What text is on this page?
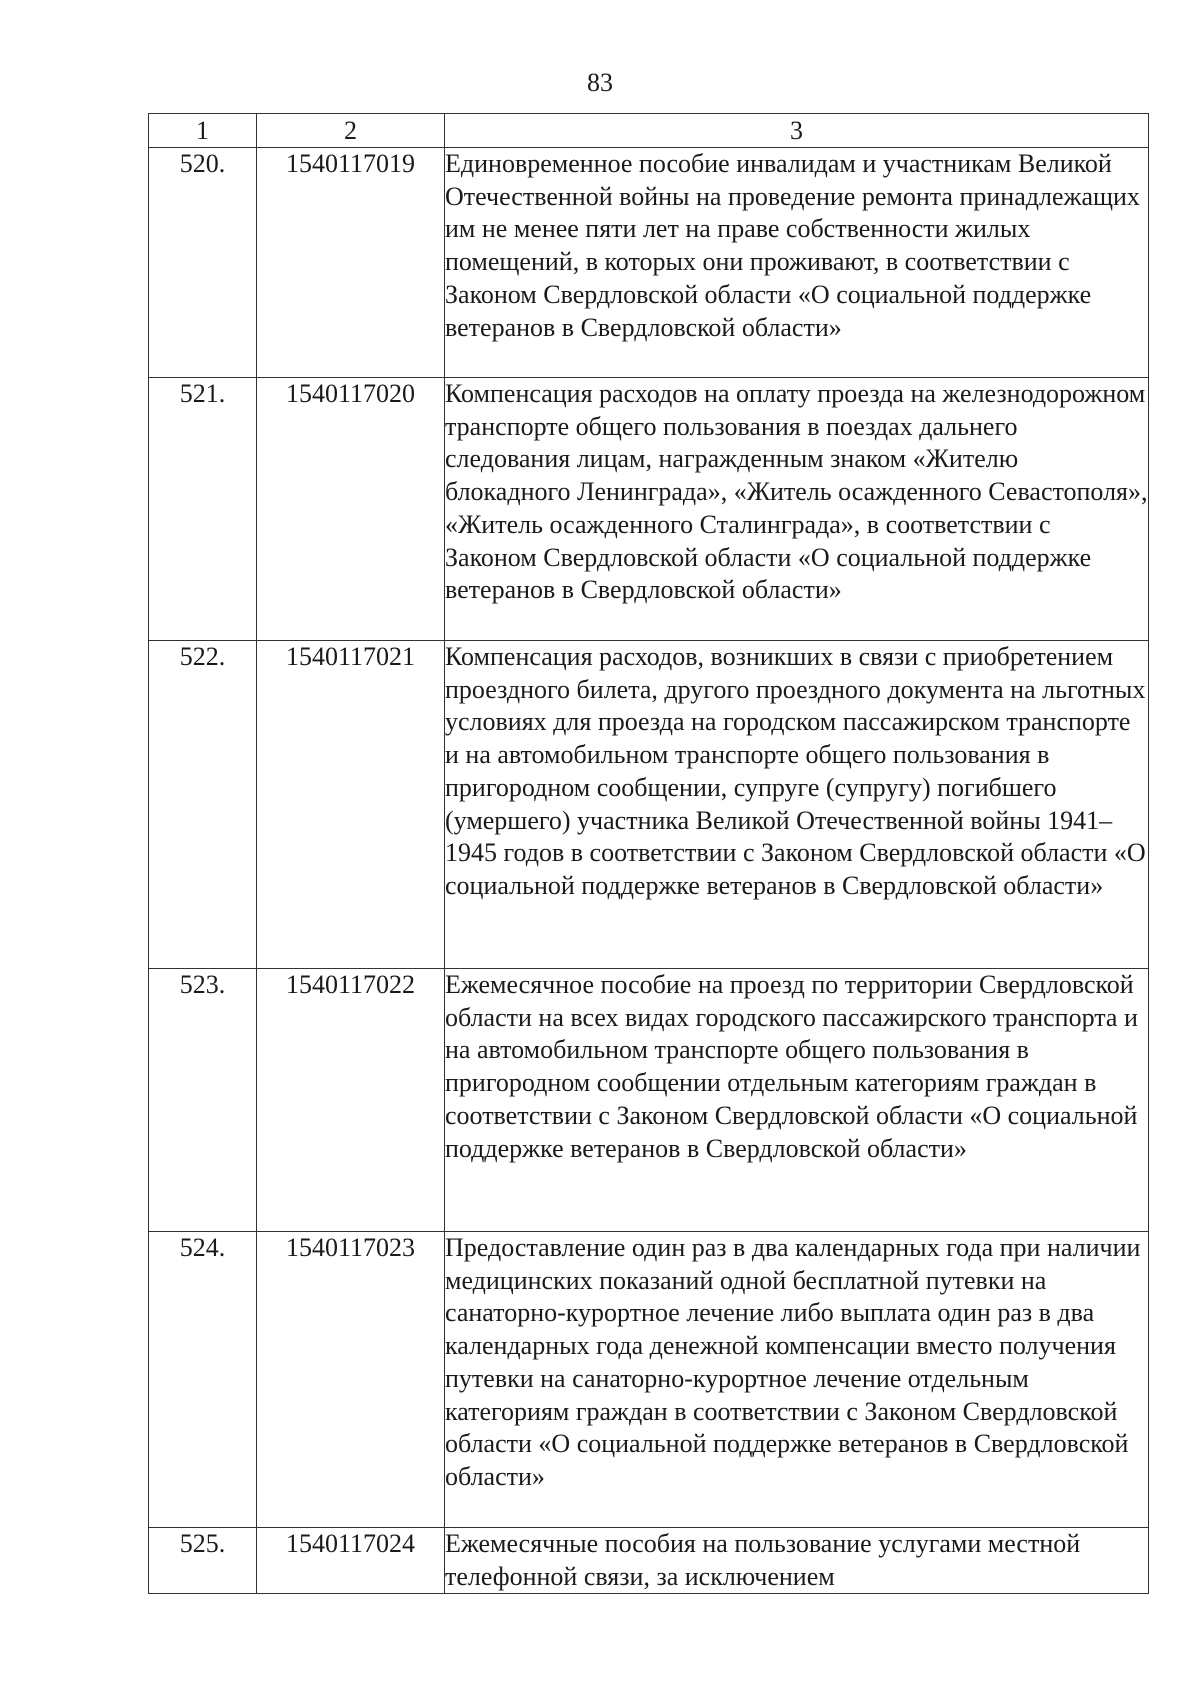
83
1	2	3
520.	1540117019	Единовременное пособие инвалидам и участникам Великой Отечественной войны на проведение ремонта принадлежащих им не менее пяти лет на праве собственности жилых помещений, в которых они проживают, в соответствии с Законом Свердловской области «О социальной поддержке ветеранов в Свердловской области»
521.	1540117020	Компенсация расходов на оплату проезда на железнодорожном транспорте общего пользования в поездах дальнего следования лицам, награжденным знаком «Жителю блокадного Ленинграда», «Житель осажденного Севастополя», «Житель осажденного Сталинграда», в соответствии с Законом Свердловской области «О социальной поддержке ветеранов в Свердловской области»
522.	1540117021	Компенсация расходов, возникших в связи с приобретением проездного билета, другого проездного документа на льготных условиях для проезда на городском пассажирском транспорте и на автомобильном транспорте общего пользования в пригородном сообщении, супруге (супругу) погибшего (умершего) участника Великой Отечественной войны 1941–1945 годов в соответствии с Законом Свердловской области «О социальной поддержке ветеранов в Свердловской области»
523.	1540117022	Ежемесячное пособие на проезд по территории Свердловской области на всех видах городского пассажирского транспорта и на автомобильном транспорте общего пользования в пригородном сообщении отдельным категориям граждан в соответствии с Законом Свердловской области «О социальной поддержке ветеранов в Свердловской области»
524.	1540117023	Предоставление один раз в два календарных года при наличии медицинских показаний одной бесплатной путевки на санаторно-курортное лечение либо выплата один раз в два календарных года денежной компенсации вместо получения путевки на санаторно-курортное лечение отдельным категориям граждан в соответствии с Законом Свердловской области «О социальной поддержке ветеранов в Свердловской области»
525.	1540117024	Ежемесячные пособия на пользование услугами местной телефонной связи, за исключением
